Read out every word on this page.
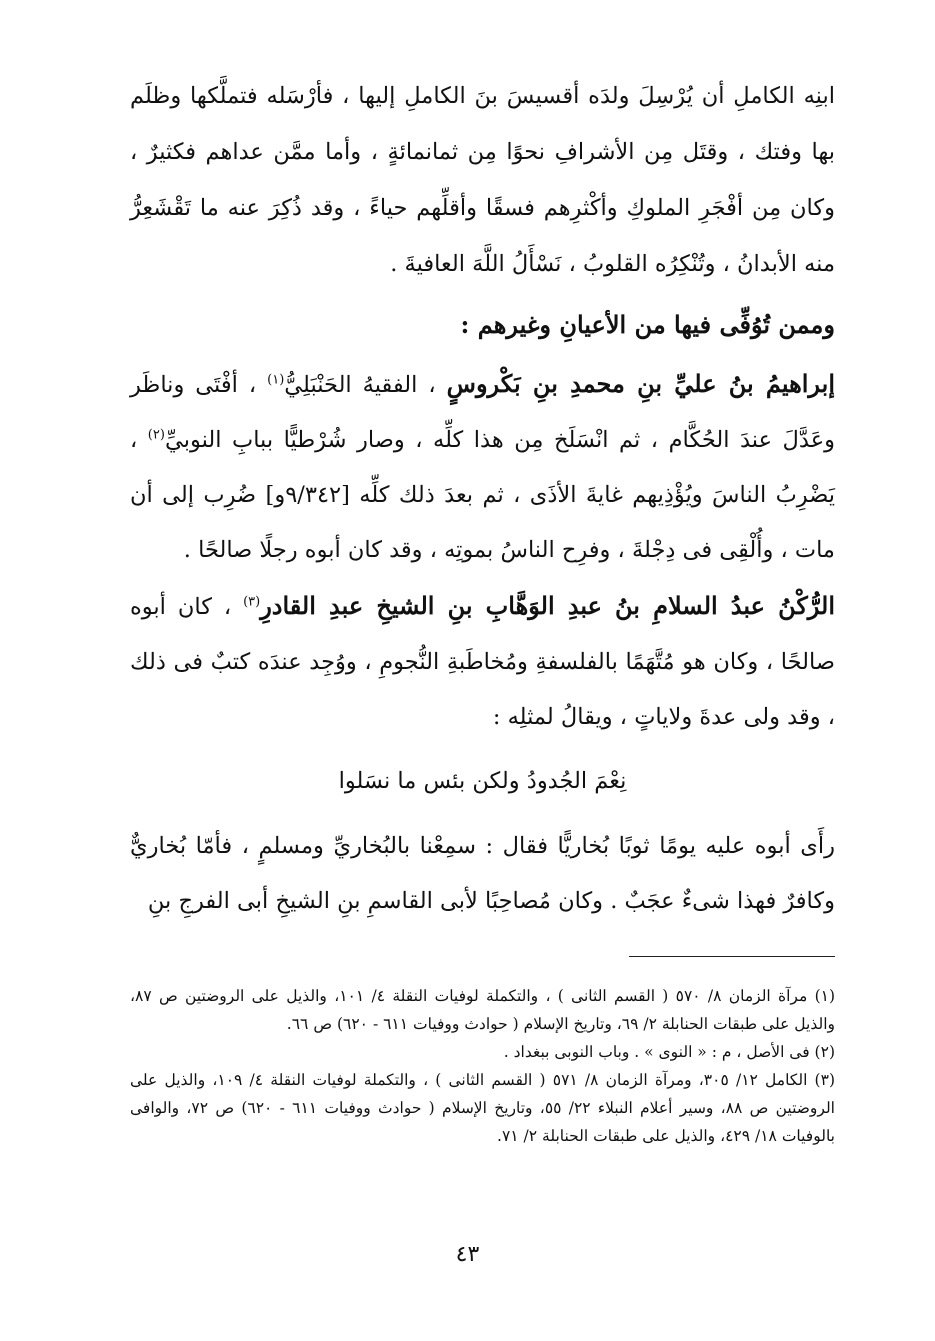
ابنِه الكاملِ أن يُرْسِلَ ولدَه أقسيسَ بنَ الكاملِ إليها ، فأرْسَله فتملَّكها وظلَم بها وفتك ، وقتَل مِن الأشرافِ نحوًا مِن ثمانمائةٍ ، وأما ممَّن عداهم فكثيرٌ ، وكان مِن أفْجَرِ الملوكِ وأكْثرِهم فسقًا وأقلِّهم حياءً ، وقد ذُكِرَ عنه ما تَقْشَعِرُّ منه الأبدانُ ، وتُنْكِرُه القلوبُ ، نَسْأَلُ اللَّهَ العافيةَ .

وممن تُوُفِّى فيها من الأعيانِ وغيرهم :

إبراهيمُ بنُ عليِّ بنِ محمدِ بنِ بَكْروسٍ ، الفقيهُ الحَنْبَلِيُّ$^{(١)}$ ، أفْتَى وناظَر وعَدَّلَ عندَ الحُكَّام ، ثم انْسَلَخ مِن هذا كلِّه ، وصار شُرْطيًّا ببابِ النوبيِّ$^{(٢)}$ ، يَضْرِبُ الناسَ ويُؤْذِيهم غايةَ الأذَى ، ثم بعدَ ذلك كلِّه [٩/٣٤٢و] ضُرِب إلى أن مات ، وأُلْقِى فى دِجْلةَ ، وفرِح الناسُ بموتِه ، وقد كان أبوه رجلًا صالحًا .

الرُّكْنُ عبدُ السلامِ بنُ عبدِ الوَهَّابِ بنِ الشيخِ عبدِ القادرِ$^{(٣)}$ ، كان أبوه صالحًا ، وكان هو مُتَّهَمًا بالفلسفةِ ومُخاطَبةِ النُّجومِ ، ووُجِد عندَه كتبٌ فى ذلك ، وقد ولى عدةَ ولاياتٍ ، ويقالُ لمثلِه :

نِعْمَ الجُدودُ ولكن بئس ما نسَلوا

رأَى أبوه عليه يومًا ثوبًا بُخاريًّا فقال : سمِعْنا بالبُخاريِّ ومسلمٍ ، فأمّا بُخاريٌّ وكافرٌ فهذا شىءٌ عجَبٌ . وكان مُصاحِبًا لأبى القاسمِ بنِ الشيخِ أبى الفرجِ بنِ

(١) مرآة الزمان ٨/ ٥٧٠ ( القسم الثانى ) ، والتكملة لوفيات النقلة ٤/ ١٠١، والذيل على الروضتين ص ٨٧، والذيل على طبقات الحنابلة ٢/ ٦٩، وتاريخ الإسلام ( حوادث ووفيات ٦١١ - ٦٢٠) ص ٦٦.

(٢) فى الأصل ، م : « النوى » . وباب النوبى ببغداد .

(٣) الكامل ١٢/ ٣٠٥، ومرآة الزمان ٨/ ٥٧١ ( القسم الثانى ) ، والتكملة لوفيات النقلة ٤/ ١٠٩، والذيل على الروضتين ص ٨٨، وسير أعلام النبلاء ٢٢/ ٥٥، وتاريخ الإسلام ( حوادث ووفيات ٦١١ - ٦٢٠) ص ٧٢، والوافى بالوفيات ١٨/ ٤٢٩، والذيل على طبقات الحنابلة ٢/ ٧١.

٤٣
